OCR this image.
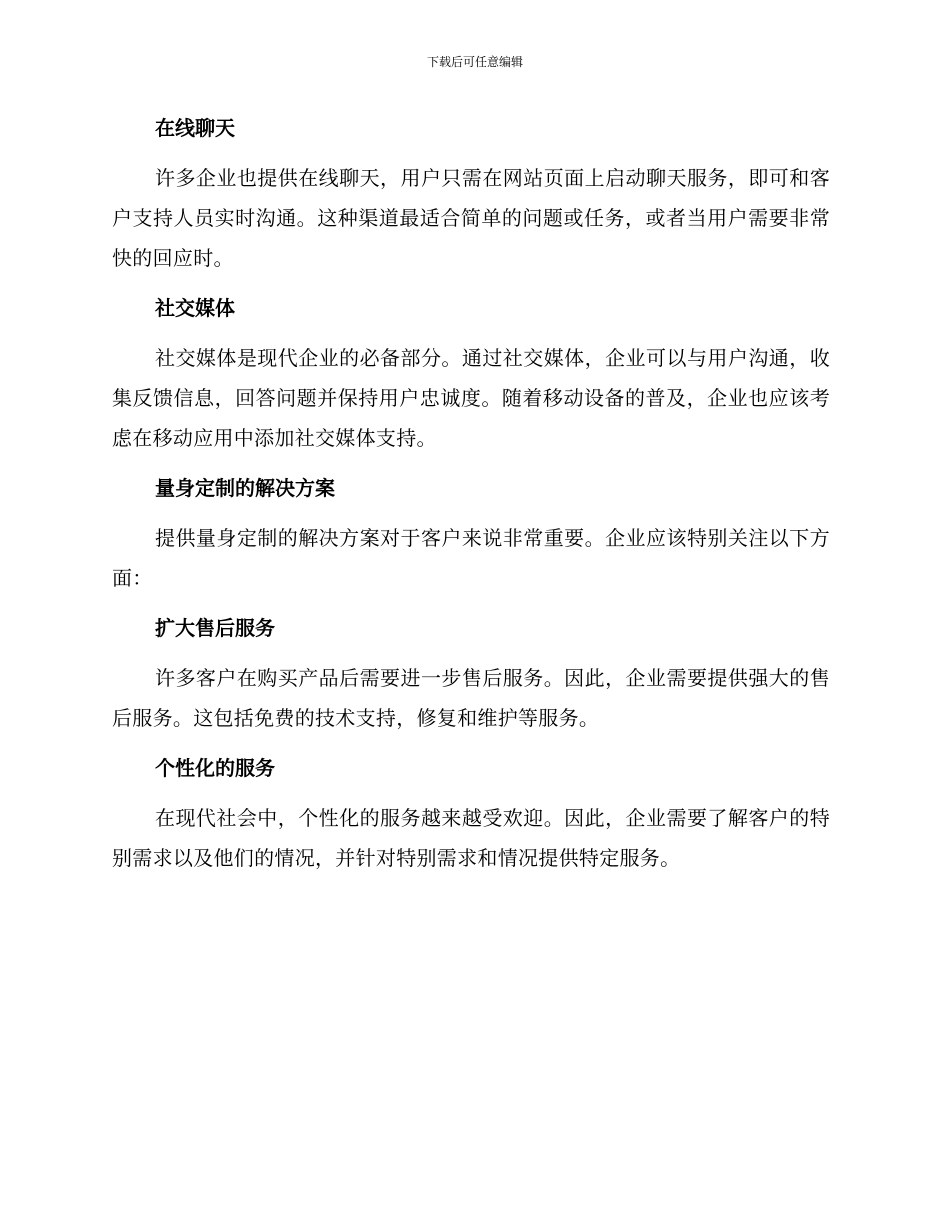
下载后可任意编辑
在线聊天
许多企业也提供在线聊天，用户只需在网站页面上启动聊天服务，即可和客户支持人员实时沟通。这种渠道最适合简单的问题或任务，或者当用户需要非常快的回应时。
社交媒体
社交媒体是现代企业的必备部分。通过社交媒体，企业可以与用户沟通，收集反馈信息，回答问题并保持用户忠诚度。随着移动设备的普及，企业也应该考虑在移动应用中添加社交媒体支持。
量身定制的解决方案
提供量身定制的解决方案对于客户来说非常重要。企业应该特别关注以下方面：
扩大售后服务
许多客户在购买产品后需要进一步售后服务。因此，企业需要提供强大的售后服务。这包括免费的技术支持，修复和维护等服务。
个性化的服务
在现代社会中，个性化的服务越来越受欢迎。因此，企业需要了解客户的特别需求以及他们的情况，并针对特别需求和情况提供特定服务。
